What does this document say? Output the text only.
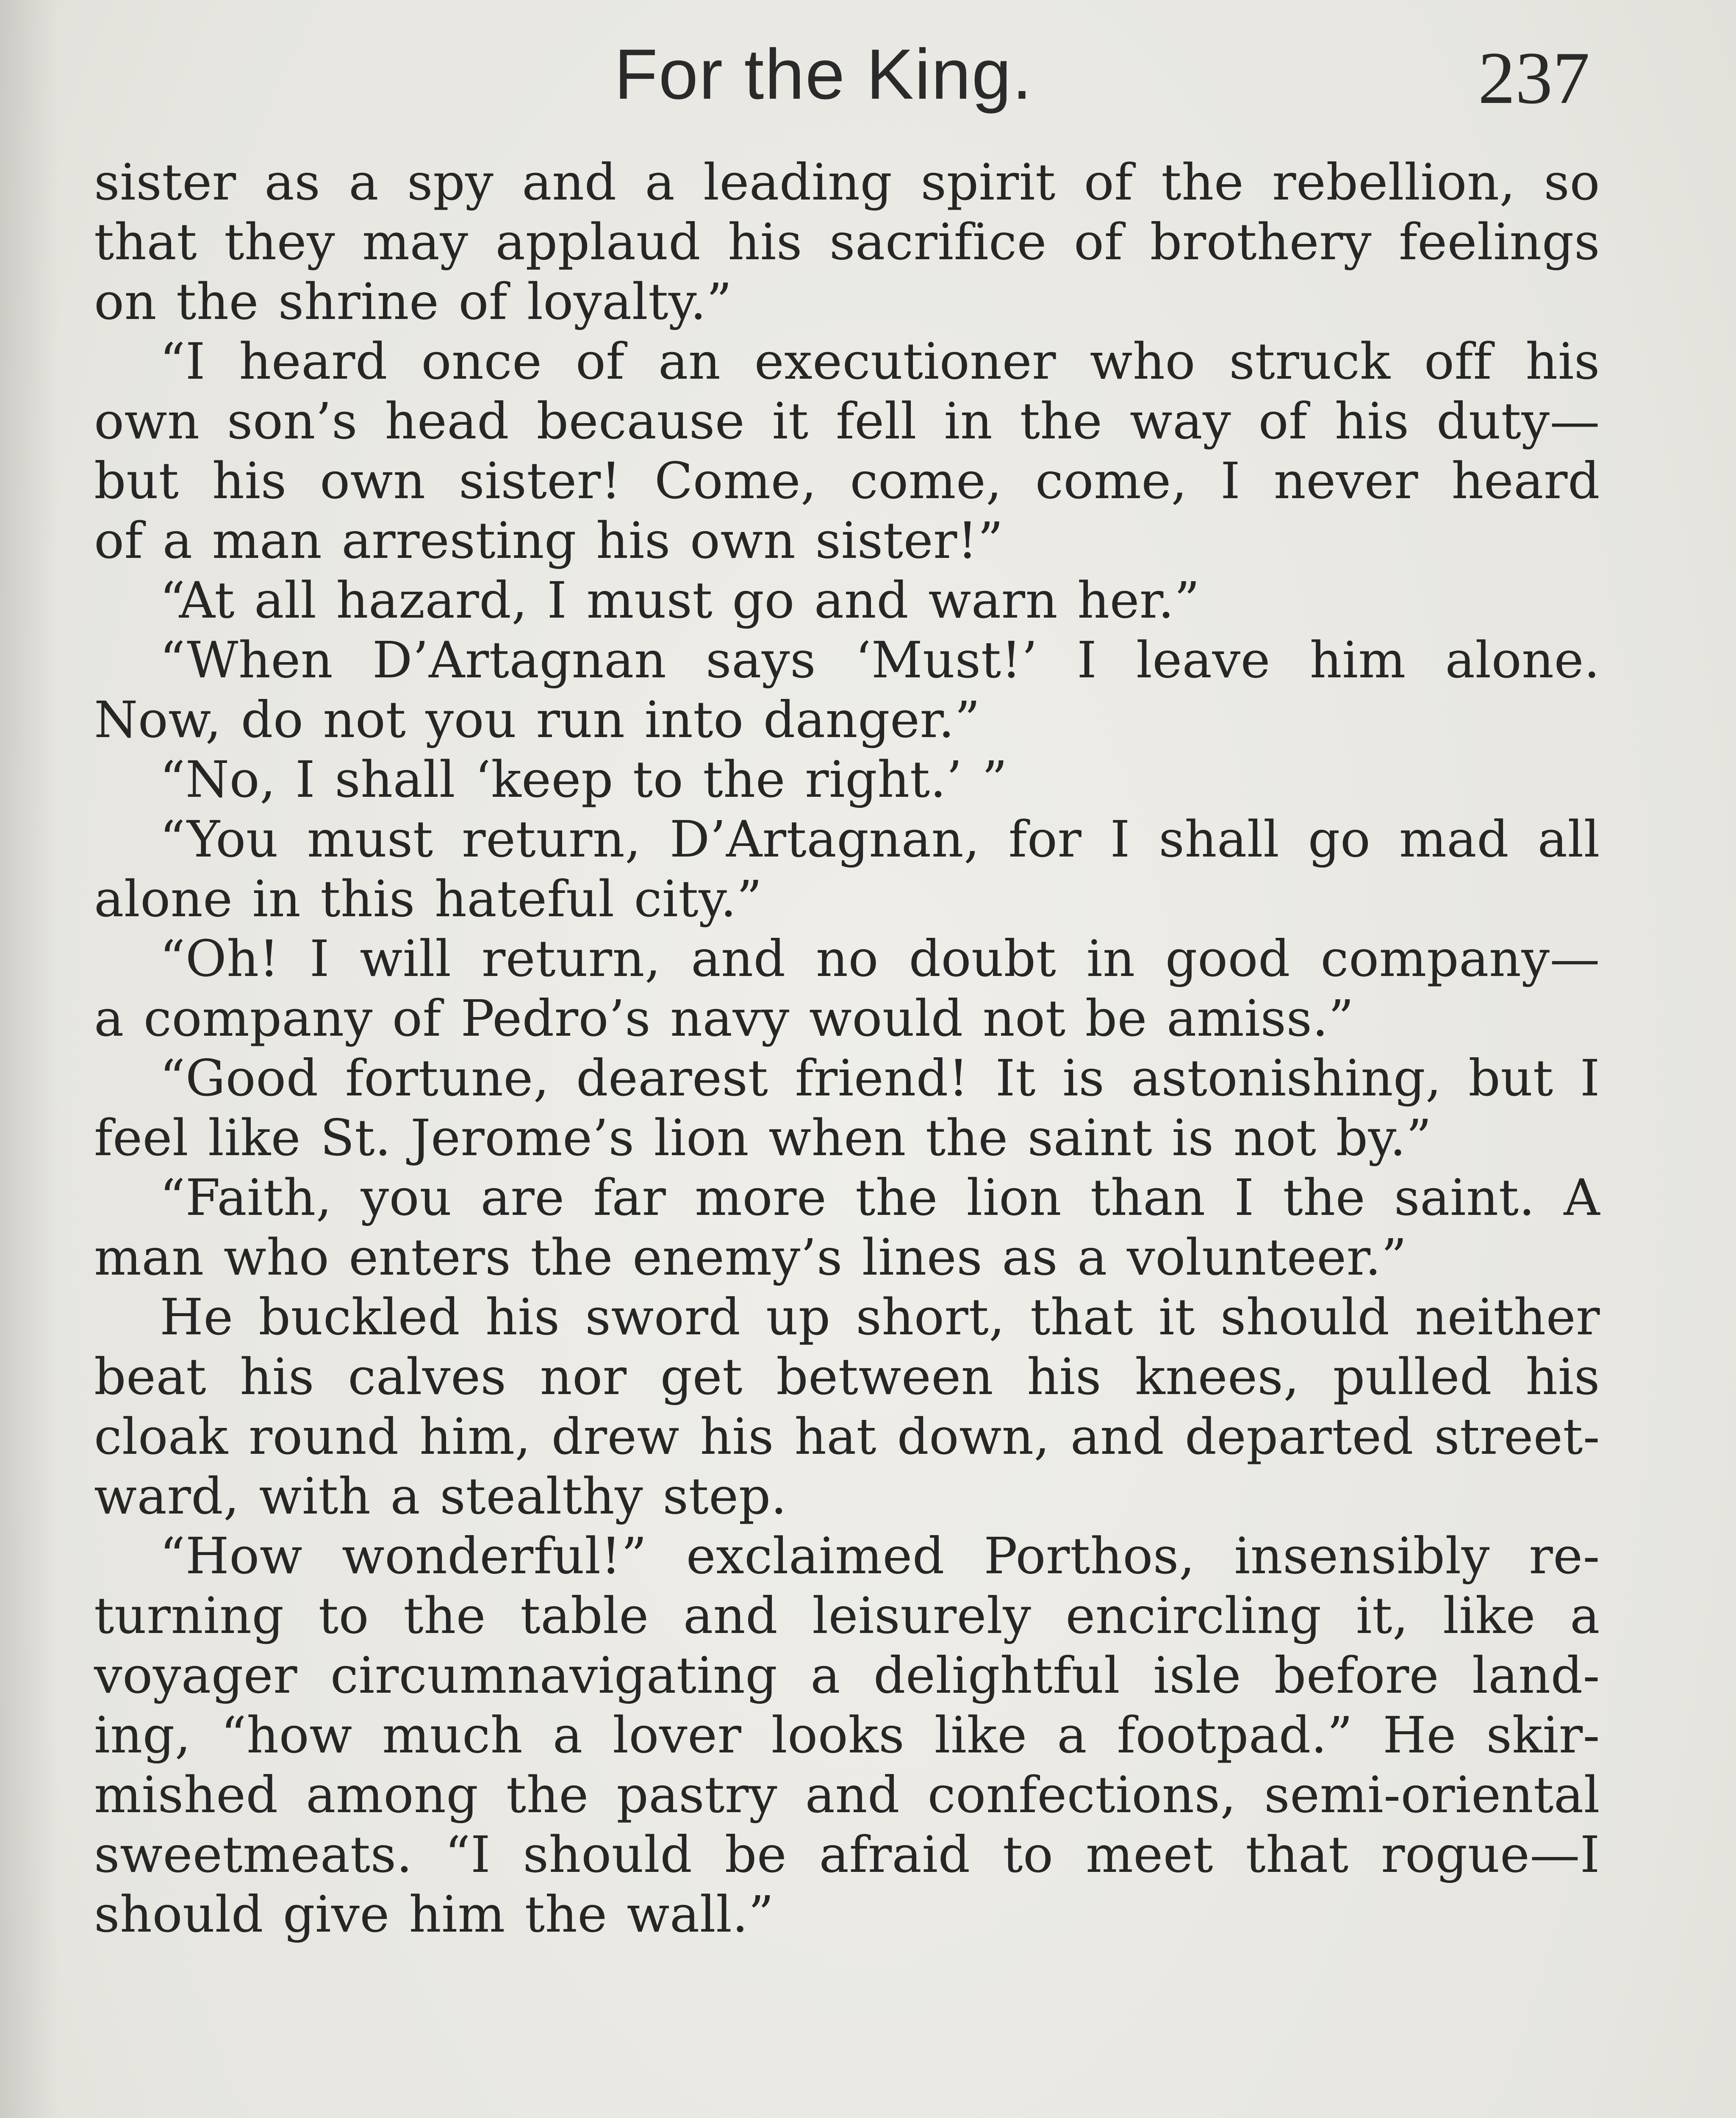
For the King.	237
sister as a spy and a leading spirit of the rebellion, so
that they may applaud his sacrifice of brothery feelings
on the shrine of loyalty.”
“I heard once of an executioner who struck off his
own son’s head because it fell in the way of his duty—
but his own sister! Come, come, come, I never heard
of a man arresting his own sister!”
“At all hazard, I must go and warn her.”
“When D’Artagnan says ‘Must!’ I leave him alone.
Now, do not you run into danger.”
“No, I shall ‘keep to the right.’ ”
“You must return, D’Artagnan, for I shall go mad all
alone in this hateful city.”
“Oh! I will return, and no doubt in good company—
a company of Pedro’s navy would not be amiss.”
“Good fortune, dearest friend! It is astonishing, but I
feel like St. Jerome’s lion when the saint is not by.”
“Faith, you are far more the lion than I the saint. A
man who enters the enemy’s lines as a volunteer.”
He buckled his sword up short, that it should neither
beat his calves nor get between his knees, pulled his
cloak round him, drew his hat down, and departed street-
ward, with a stealthy step.
“How wonderful!” exclaimed Porthos, insensibly re-
turning to the table and leisurely encircling it, like a
voyager circumnavigating a delightful isle before land-
ing, “how much a lover looks like a footpad.” He skir-
mished among the pastry and confections, semi-oriental
sweetmeats. “I should be afraid to meet that rogue—I
should give him the wall.”
